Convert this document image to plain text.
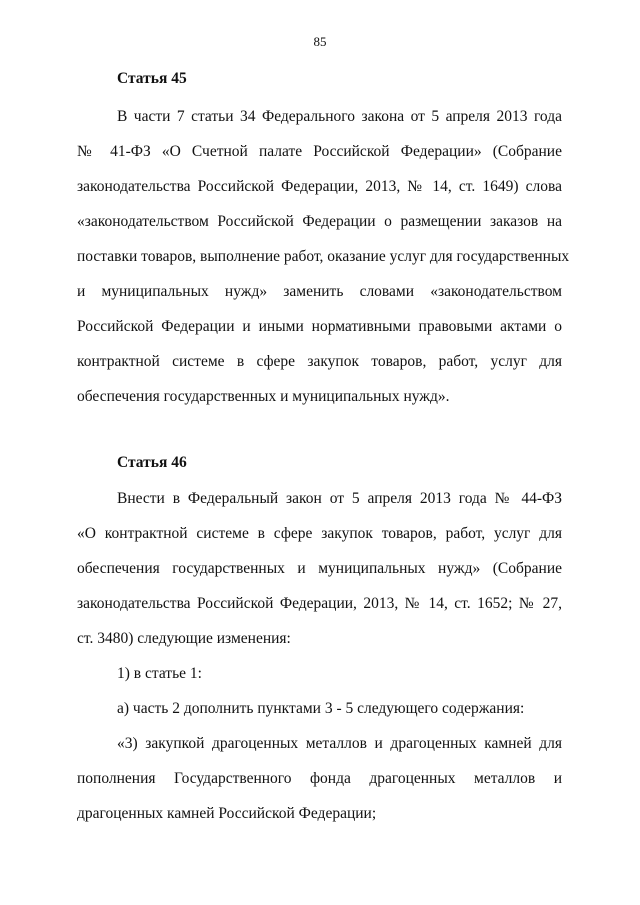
85
Статья 45
В части 7 статьи 34 Федерального закона от 5 апреля 2013 года
№ 41-ФЗ «О Счетной палате Российской Федерации» (Собрание
законодательства Российской Федерации, 2013, № 14, ст. 1649) слова
«законодательством Российской Федерации о размещении заказов на
поставки товаров, выполнение работ, оказание услуг для государственных
и муниципальных нужд» заменить словами «законодательством
Российской Федерации и иными нормативными правовыми актами о
контрактной системе в сфере закупок товаров, работ, услуг для
обеспечения государственных и муниципальных нужд».
Статья 46
Внести в Федеральный закон от 5 апреля 2013 года № 44-ФЗ
«О контрактной системе в сфере закупок товаров, работ, услуг для
обеспечения государственных и муниципальных нужд» (Собрание
законодательства Российской Федерации, 2013, № 14, ст. 1652; № 27,
ст. 3480) следующие изменения:
1) в статье 1:
а) часть 2 дополнить пунктами 3 - 5 следующего содержания:
«3) закупкой драгоценных металлов и драгоценных камней для
пополнения Государственного фонда драгоценных металлов и
драгоценных камней Российской Федерации;
